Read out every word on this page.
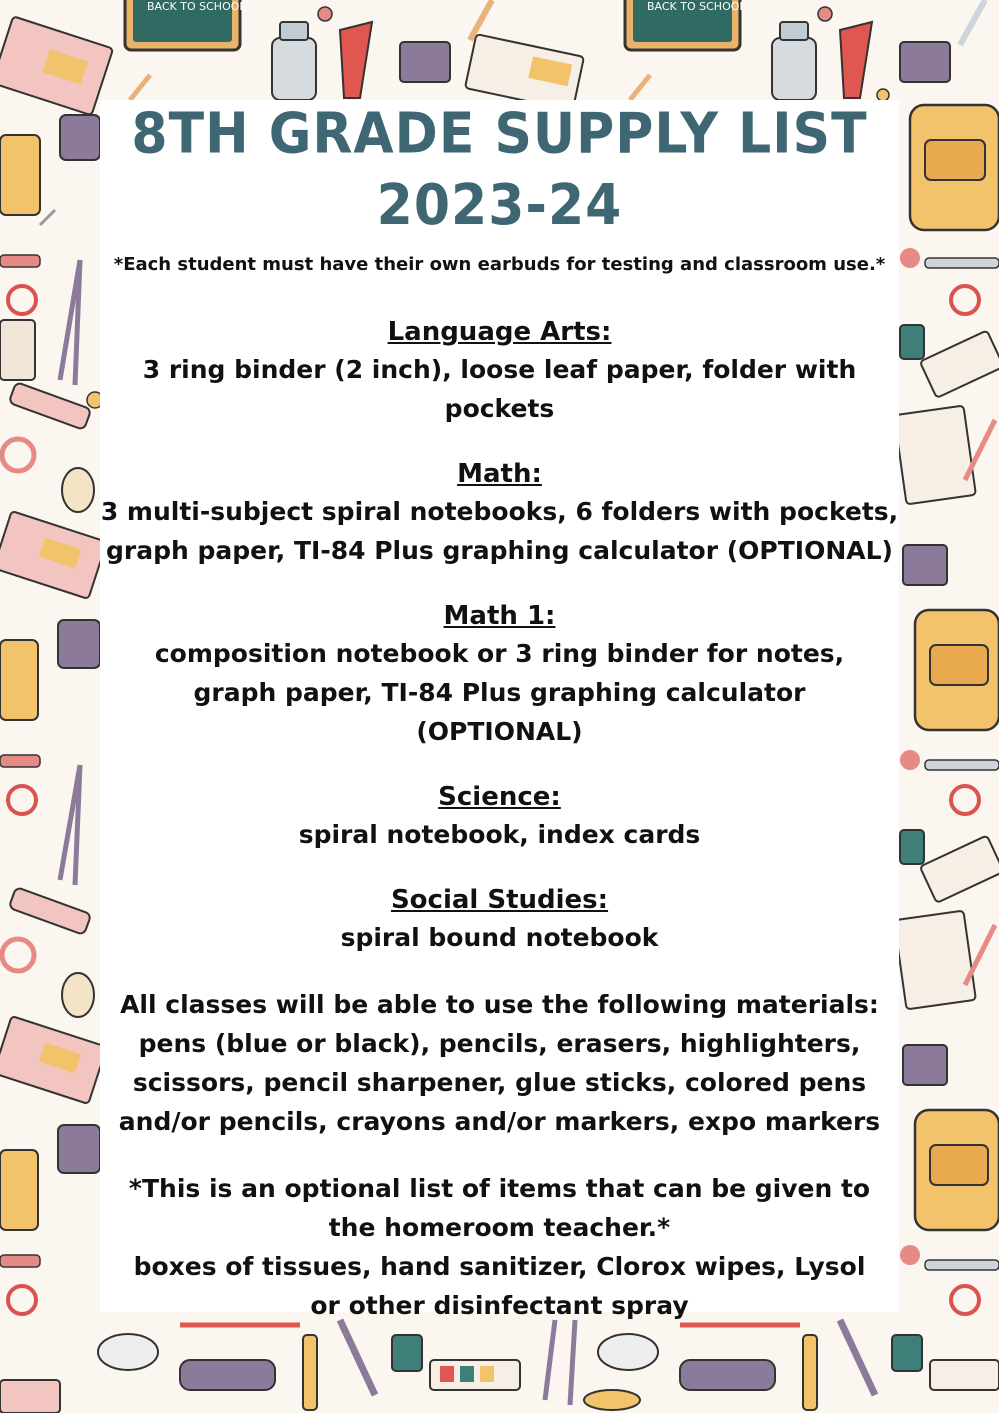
BACK TO SCHOOL	BACK TO SCHOOL
8TH GRADE SUPPLY LIST 2023-24
*Each student must have their own earbuds for testing and classroom use.*
Language Arts:
3 ring binder (2 inch), loose leaf paper, folder with pockets
Math:
3 multi-subject spiral notebooks, 6 folders with pockets, graph paper, TI-84 Plus graphing calculator (OPTIONAL)
Math 1:
composition notebook or 3 ring binder for notes, graph paper, TI-84 Plus graphing calculator (OPTIONAL)
Science:
spiral notebook, index cards
Social Studies:
spiral bound notebook
All classes will be able to use the following materials:
pens (blue or black), pencils, erasers, highlighters, scissors, pencil sharpener, glue sticks, colored pens and/or pencils, crayons and/or markers, expo markers
*This is an optional list of items that can be given to the homeroom teacher.*
boxes of tissues, hand sanitizer, Clorox wipes, Lysol or other disinfectant spray
